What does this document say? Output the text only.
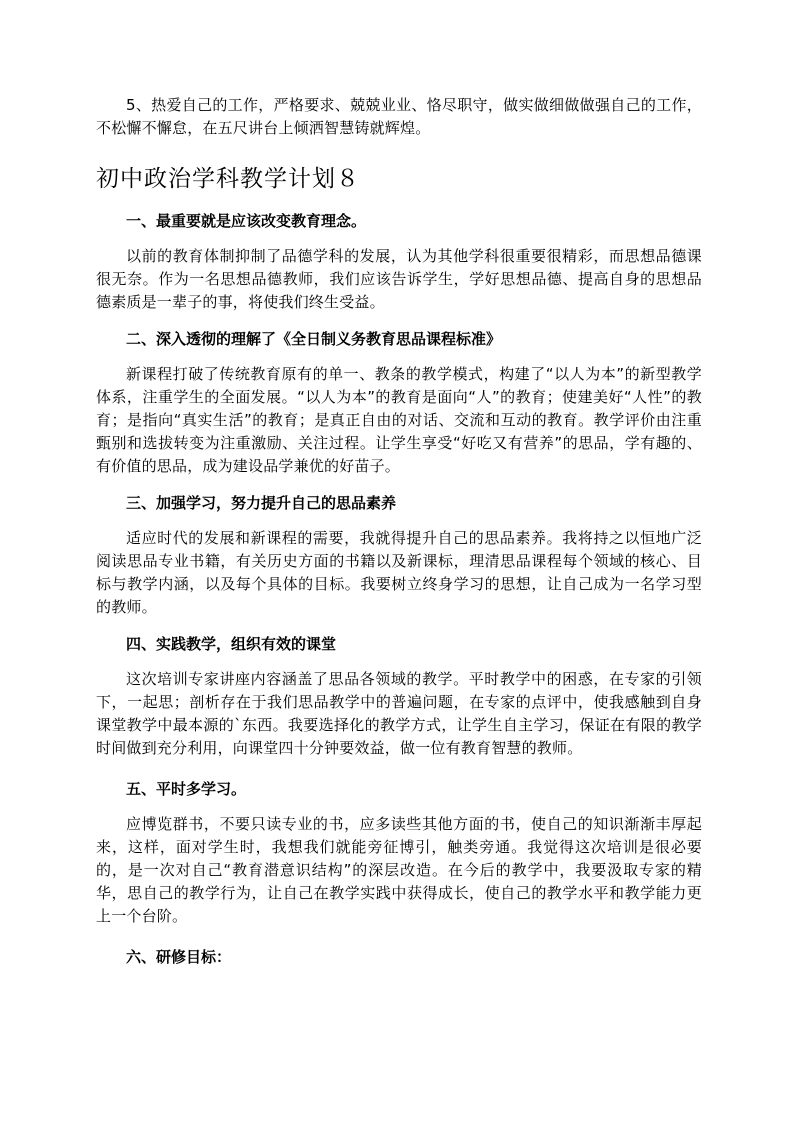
5、热爱自己的工作，严格要求、兢兢业业、恪尽职守，做实做细做做强自己的工作，不松懈不懈怠，在五尺讲台上倾洒智慧铸就辉煌。

初中政治学科教学计划８
一、最重要就是应该改变教育理念。

以前的教育体制抑制了品德学科的发展，认为其他学科很重要很精彩，而思想品德课很无奈。作为一名思想品德教师，我们应该告诉学生，学好思想品德、提高自身的思想品德素质是一辈子的事，将使我们终生受益。

二、深入透彻的理解了《全日制义务教育思品课程标准》

新课程打破了传统教育原有的单一、教条的教学模式，构建了“以人为本”的新型教学体系，注重学生的全面发展。“以人为本”的教育是面向“人”的教育；使建美好“人性”的教育；是指向“真实生活”的教育；是真正自由的对话、交流和互动的教育。教学评价由注重甄别和选拔转变为注重激励、关注过程。让学生享受“好吃又有营养”的思品，学有趣的、有价值的思品，成为建设品学兼优的好苗子。

三、加强学习，努力提升自己的思品素养

适应时代的发展和新课程的需要，我就得提升自己的思品素养。我将持之以恒地广泛阅读思品专业书籍，有关历史方面的书籍以及新课标，理清思品课程每个领域的核心、目标与教学内涵，以及每个具体的目标。我要树立终身学习的思想，让自己成为一名学习型的教师。

四、实践教学，组织有效的课堂

这次培训专家讲座内容涵盖了思品各领域的教学。平时教学中的困惑，在专家的引领下，一起思；剖析存在于我们思品教学中的普遍问题，在专家的点评中，使我感触到自身课堂教学中最本源的`东西。我要选择化的教学方式，让学生自主学习，保证在有限的教学时间做到充分利用，向课堂四十分钟要效益，做一位有教育智慧的教师。

五、平时多学习。

应博览群书，不要只读专业的书，应多读些其他方面的书，使自己的知识渐渐丰厚起来，这样，面对学生时，我想我们就能旁征博引，触类旁通。我觉得这次培训是很必要的，是一次对自己“教育潜意识结构”的深层改造。在今后的教学中，我要汲取专家的精华，思自己的教学行为，让自己在教学实践中获得成长，使自己的教学水平和教学能力更上一个台阶。

六、研修目标：
